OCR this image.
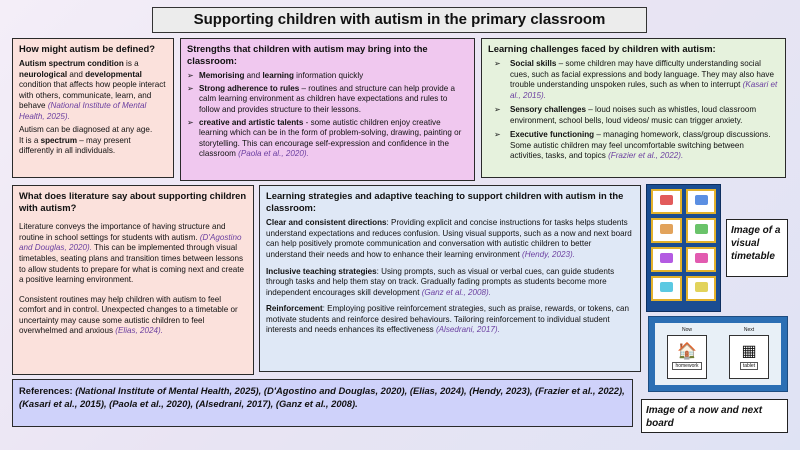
Supporting children with autism in the primary classroom
How might autism be defined?

Autism spectrum condition is a neurological and developmental condition that affects how people interact with others, communicate, learn, and behave (National Institute of Mental Health, 2025).

Autism can be diagnosed at any age.

It is a spectrum – may present differently in all individuals.

Strengths that children with autism may bring into the classroom:
➢ Memorising and learning information quickly
➢ Strong adherence to rules – routines and structure can help provide a calm learning environment as children have expectations and rules to follow and provides structure to their lessons.
➢ creative and artistic talents - some autistic children enjoy creative learning which can be in the form of problem-solving, drawing, painting or storytelling. This can encourage self-expression and confidence in the classroom (Paola et al., 2020).
Learning challenges faced by children with autism:
➢ Social skills – some children may have difficulty understanding social cues, such as facial expressions and body language. They may also have trouble understanding unspoken rules, such as when to interrupt (Kasari et al., 2015).
➢ Sensory challenges – loud noises such as whistles, loud classroom environment, school bells, loud videos/ music can trigger anxiety.
➢ Executive functioning – managing homework, class/group discussions. Some autistic children may feel uncomfortable switching between activities, tasks, and topics (Frazier et al., 2022).
What does literature say about supporting children with autism?

Literature conveys the importance of having structure and routine in school settings for students with autism. (D'Agostino and Douglas, 2020). This can be implemented through visual timetables, seating plans and transition times between lessons to allow students to prepare for what is coming next and create a positive learning environment.

Consistent routines may help children with autism to feel comfort and in control. Unexpected changes to a timetable or uncertainty may cause some autistic children to feel overwhelmed and anxious (Elias, 2024).

Learning strategies and adaptive teaching to support children with autism in the classroom:

Clear and consistent directions: Providing explicit and concise instructions for tasks helps students understand expectations and reduces confusion. Using visual supports, such as a now and next board can help positively promote communication and conversation with autistic children to better understand their needs and how to enhance their learning environment (Hendy, 2023).

Inclusive teaching strategies: Using prompts, such as visual or verbal cues, can guide students through tasks and help them stay on track. Gradually fading prompts as students become more independent encourages skill development (Ganz et al., 2008).

Reinforcement: Employing positive reinforcement strategies, such as praise, rewards, or tokens, can motivate students and reinforce desired behaviours. Tailoring reinforcement to individual student interests and needs enhances its effectiveness (Alsedrani, 2017).

References: (National Institute of Mental Health, 2025), (D'Agostino and Douglas, 2020), (Elias, 2024), (Hendy, 2023), (Frazier et al., 2022), (Kasari et al., 2015), (Paola et al., 2020), (Alsedrani, 2017), (Ganz et al., 2008).
Image of a visual timetable
Now
🏠
homework
Next
▦
tablet
Image of a now and next board
